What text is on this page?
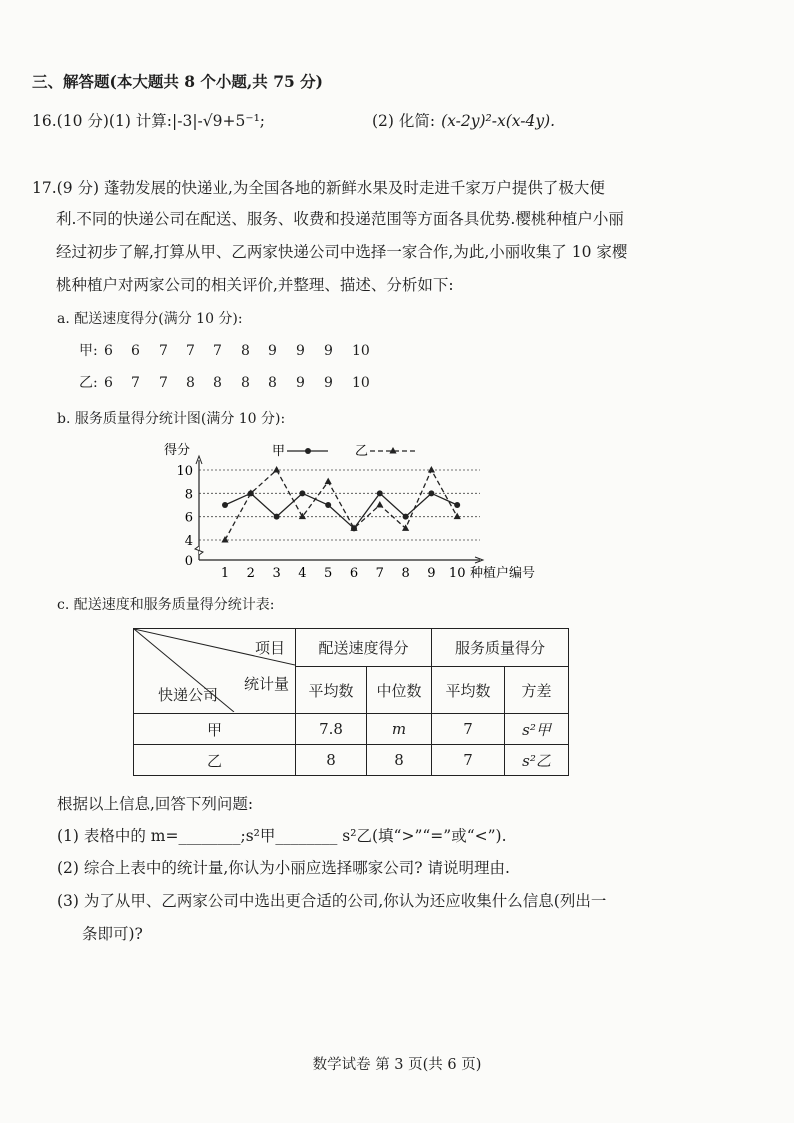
三、解答题(本大题共 8 个小题,共 75 分)
16.(10 分)(1) 计算:|-3|-√9+5⁻¹;	(2) 化简: (x-2y)²-x(x-4y).
17.(9 分) 蓬勃发展的快递业,为全国各地的新鲜水果及时走进千家万户提供了极大便
利.不同的快递公司在配送、服务、收费和投递范围等方面各具优势.樱桃种植户小丽
经过初步了解,打算从甲、乙两家快递公司中选择一家合作,为此,小丽收集了 10 家樱
桃种植户对两家公司的相关评价,并整理、描述、分析如下:
a. 配送速度得分(满分 10 分):
甲:
乙:
b. 服务质量得分统计图(满分 10 分):
得分
0
4
6
8
10
1 2 3 4 5 6 7 8 9 10 种植户编号
甲	乙
c. 配送速度和服务质量得分统计表:
项目
统计量
快递公司	配送速度得分		服务质量得分	
	平均数	中位数	平均数	方差
甲	7.8	m	7	s²甲
乙	8	8	7	s²乙
根据以上信息,回答下列问题:
(1) 表格中的 m=________;s²甲________ s²乙(填“>”“=”或“<”).
(2) 综合上表中的统计量,你认为小丽应选择哪家公司? 请说明理由.
(3) 为了从甲、乙两家公司中选出更合适的公司,你认为还应收集什么信息(列出一
条即可)?
数学试卷 第 3 页(共 6 页)
6 6 7 7 7 8 9 9 9 10
6 7 7 8 8 8 8 9 9 10
